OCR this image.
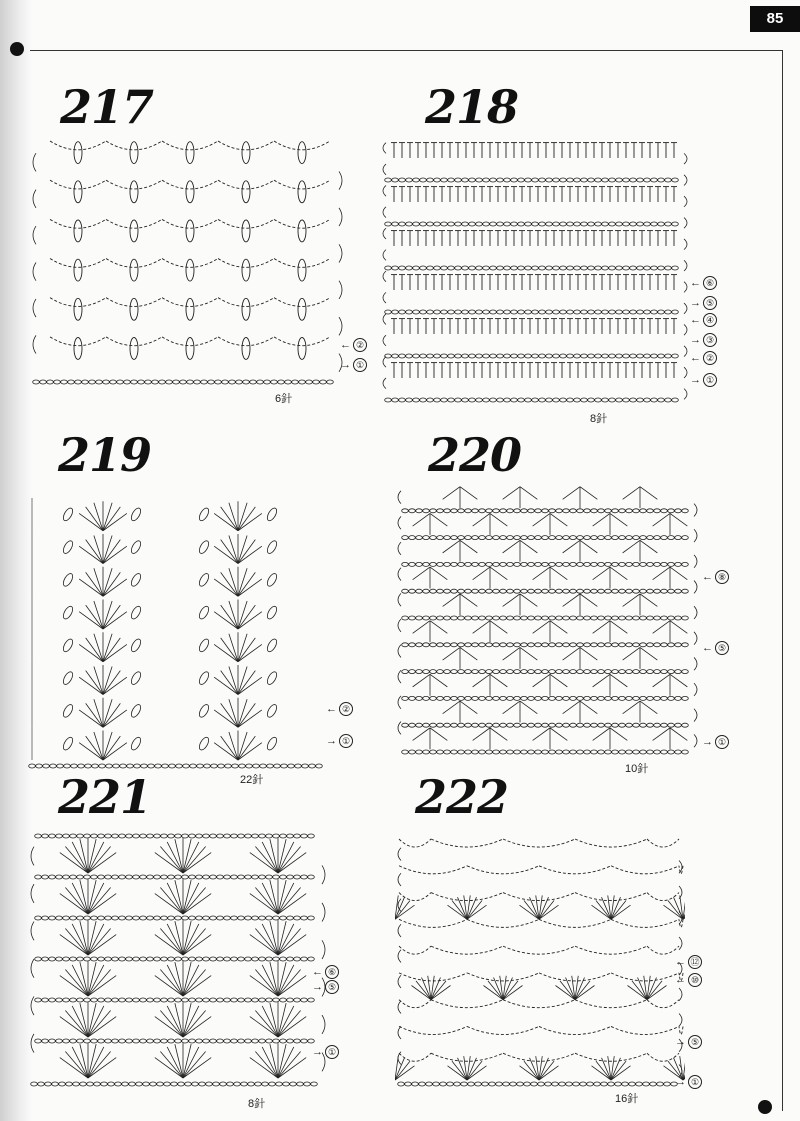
85
217
6針
← ②
→ ①
218
8針
← ⑥
→ ⑤
← ④
→ ③
← ②
→ ①
219
22針
← ②
→ ①
220
10針
← ⑧
← ⑤
→ ①
221
8針
← ⑥
→ ⑤
→ ①
222
16針
← ⑫
← ⑩
→ ⑤
→ ①
